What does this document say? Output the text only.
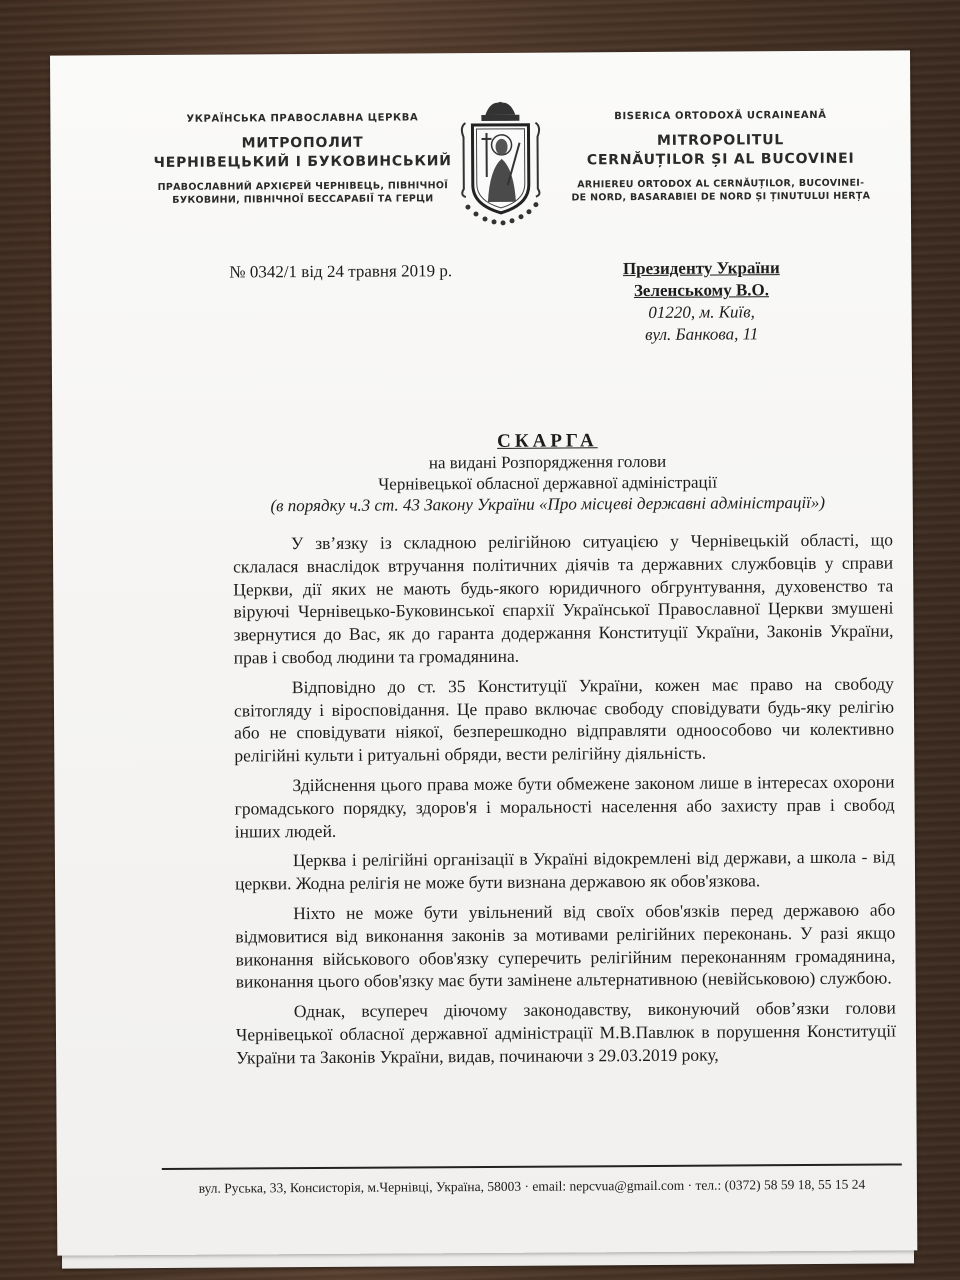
УКРАЇНСЬКА ПРАВОСЛАВНА ЦЕРКВА
МИТРОПОЛИТ
ЧЕРНІВЕЦЬКИЙ І БУКОВИНСЬКИЙ
ПРАВОСЛАВНИЙ АРХІЄРЕЙ ЧЕРНІВЕЦЬ, ПІВНІЧНОЇ
БУКОВИНИ, ПІВНІЧНОЇ БЕССАРАБІЇ ТА ГЕРЦИ
BISERICA ORTODOXĂ UCRAINEANĂ
MITROPOLITUL
CERNĂUȚILOR ȘI AL BUCOVINEI
ARHIEREU ORTODOX AL CERNĂUȚILOR, BUCOVINEI-
DE NORD, BASARABIEI DE NORD ȘI ȚINUTULUI HERȚA
№ 0342/1 від 24 травня 2019 р.	Президенту України
Зеленському В.О.
01220, м. Київ,
вул. Банкова, 11
СКАРГА
на видані Розпорядження голови
Чернівецької обласної державної адміністрації
(в порядку ч.3 ст. 43 Закону України «Про місцеві державні адміністрації»)

У зв’язку із складною релігійною ситуацією у Чернівецькій області, що склалася внаслідок втручання політичних діячів та державних службовців у справи Церкви, дії яких не мають будь-якого юридичного обгрунтування, духовенство та віруючі Чернівецько-Буковинської єпархії Української Православної Церкви змушені звернутися до Вас, як до гаранта додержання Конституції України, Законів України, прав і свобод людини та громадянина.

Відповідно до ст. 35 Конституції України, кожен має право на свободу світогляду і віросповідання. Це право включає свободу сповідувати будь-яку релігію або не сповідувати ніякої, безперешкодно відправляти одноособово чи колективно релігійні культи і ритуальні обряди, вести релігійну діяльність.

Здійснення цього права може бути обмежене законом лише в інтересах охорони громадського порядку, здоров'я і моральності населення або захисту прав і свобод інших людей.

Церква і релігійні організації в Україні відокремлені від держави, а школа - від церкви. Жодна релігія не може бути визнана державою як обов'язкова.

Ніхто не може бути увільнений від своїх обов'язків перед державою або відмовитися від виконання законів за мотивами релігійних переконань. У разі якщо виконання військового обов'язку суперечить релігійним переконанням громадянина, виконання цього обов'язку має бути замінене альтернативною (невійськовою) службою.

Однак, всупереч діючому законодавству, виконуючий обов’язки голови Чернівецької обласної державної адміністрації М.В.Павлюк в порушення Конституції України та Законів України, видав, починаючи з 29.03.2019 року,

вул. Руська, 33, Консисторія, м.Чернівці, Україна, 58003 · email: nepcvua@gmail.com · тел.: (0372) 58 59 18, 55 15 24
